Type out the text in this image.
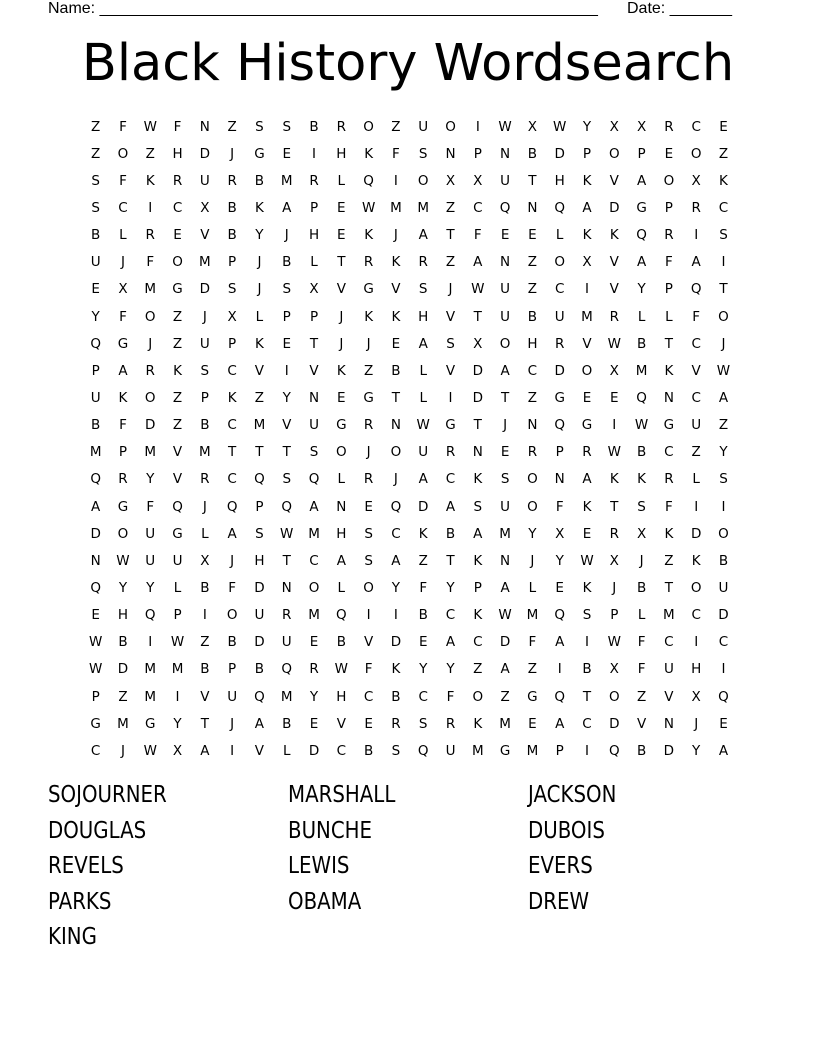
Name: ________________________________________________________ Date: _______
Black History Wordsearch
Z	F	W	F	N	Z	S	S	B	R	O	Z	U	O	I	W	X	W	Y	X	X	R	C	E
Z	O	Z	H	D	J	G	E	I	H	K	F	S	N	P	N	B	D	P	O	P	E	O	Z
S	F	K	R	U	R	B	M	R	L	Q	I	O	X	X	U	T	H	K	V	A	O	X	K
S	C	I	C	X	B	K	A	P	E	W	M	M	Z	C	Q	N	Q	A	D	G	P	R	C
B	L	R	E	V	B	Y	J	H	E	K	J	A	T	F	E	E	L	K	K	Q	R	I	S
U	J	F	O	M	P	J	B	L	T	R	K	R	Z	A	N	Z	O	X	V	A	F	A	I
E	X	M	G	D	S	J	S	X	V	G	V	S	J	W	U	Z	C	I	V	Y	P	Q	T
Y	F	O	Z	J	X	L	P	P	J	K	K	H	V	T	U	B	U	M	R	L	L	F	O
Q	G	J	Z	U	P	K	E	T	J	J	E	A	S	X	O	H	R	V	W	B	T	C	J
P	A	R	K	S	C	V	I	V	K	Z	B	L	V	D	A	C	D	O	X	M	K	V	W
U	K	O	Z	P	K	Z	Y	N	E	G	T	L	I	D	T	Z	G	E	E	Q	N	C	A
B	F	D	Z	B	C	M	V	U	G	R	N	W	G	T	J	N	Q	G	I	W	G	U	Z
M	P	M	V	M	T	T	T	S	O	J	O	U	R	N	E	R	P	R	W	B	C	Z	Y
Q	R	Y	V	R	C	Q	S	Q	L	R	J	A	C	K	S	O	N	A	K	K	R	L	S
A	G	F	Q	J	Q	P	Q	A	N	E	Q	D	A	S	U	O	F	K	T	S	F	I	I
D	O	U	G	L	A	S	W	M	H	S	C	K	B	A	M	Y	X	E	R	X	K	D	O
N	W	U	U	X	J	H	T	C	A	S	A	Z	T	K	N	J	Y	W	X	J	Z	K	B
Q	Y	Y	L	B	F	D	N	O	L	O	Y	F	Y	P	A	L	E	K	J	B	T	O	U
E	H	Q	P	I	O	U	R	M	Q	I	I	B	C	K	W	M	Q	S	P	L	M	C	D
W	B	I	W	Z	B	D	U	E	B	V	D	E	A	C	D	F	A	I	W	F	C	I	C
W	D	M	M	B	P	B	Q	R	W	F	K	Y	Y	Z	A	Z	I	B	X	F	U	H	I
P	Z	M	I	V	U	Q	M	Y	H	C	B	C	F	O	Z	G	Q	T	O	Z	V	X	Q
G	M	G	Y	T	J	A	B	E	V	E	R	S	R	K	M	E	A	C	D	V	N	J	E
C	J	W	X	A	I	V	L	D	C	B	S	Q	U	M	G	M	P	I	Q	B	D	Y	A
SOJOURNER	MARSHALL	JACKSON
DOUGLAS	BUNCHE	DUBOIS
REVELS	LEWIS	EVERS
PARKS	OBAMA	DREW
KING
